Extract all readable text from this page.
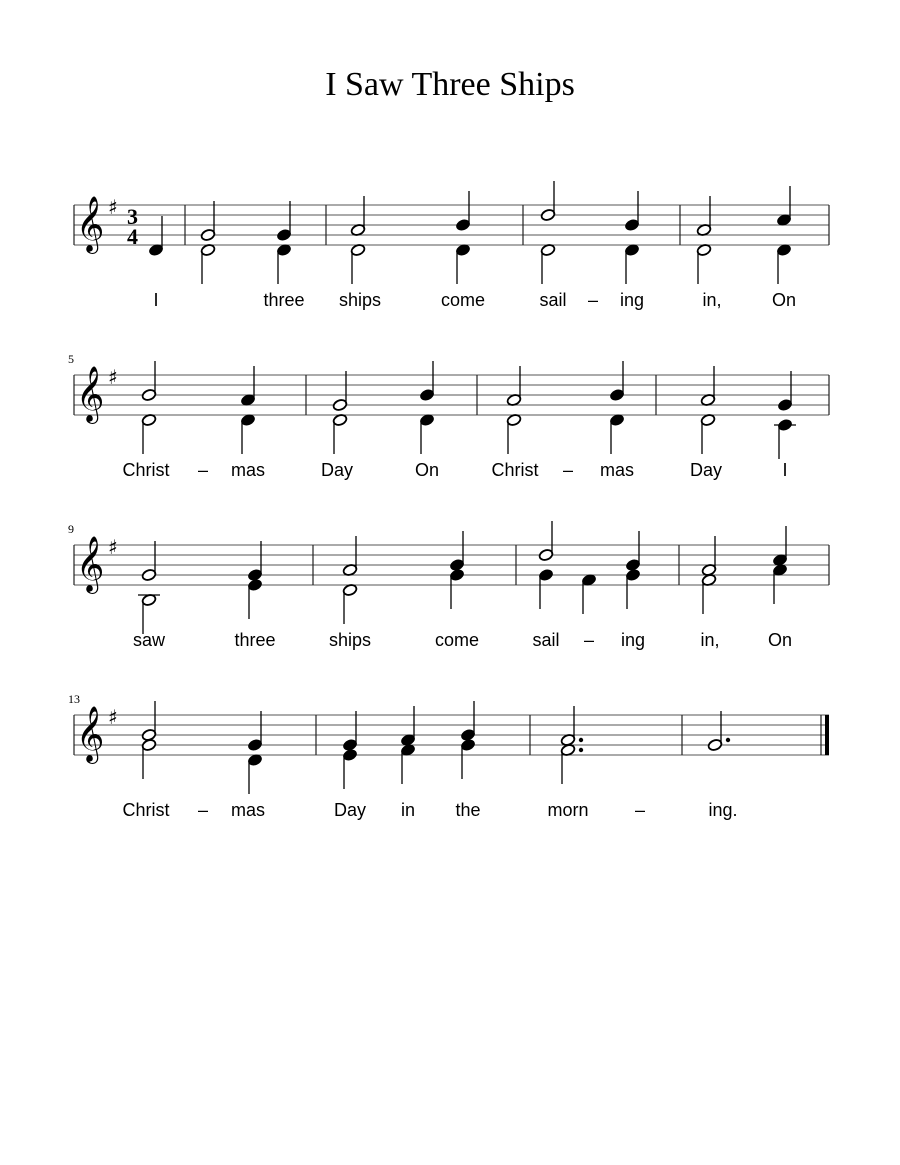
I Saw Three Ships
𝄞 ♯ 3
4
I	three ships	come	sail – ing	in,	On
𝄞 ♯
5
Christ – mas	Day	On	Christ – mas	Day	I
𝄞 ♯
9
saw	three	ships	come	sail – ing	in,	On
𝄞 ♯
13
Christ – mas	Day in the	morn	–	ing.
